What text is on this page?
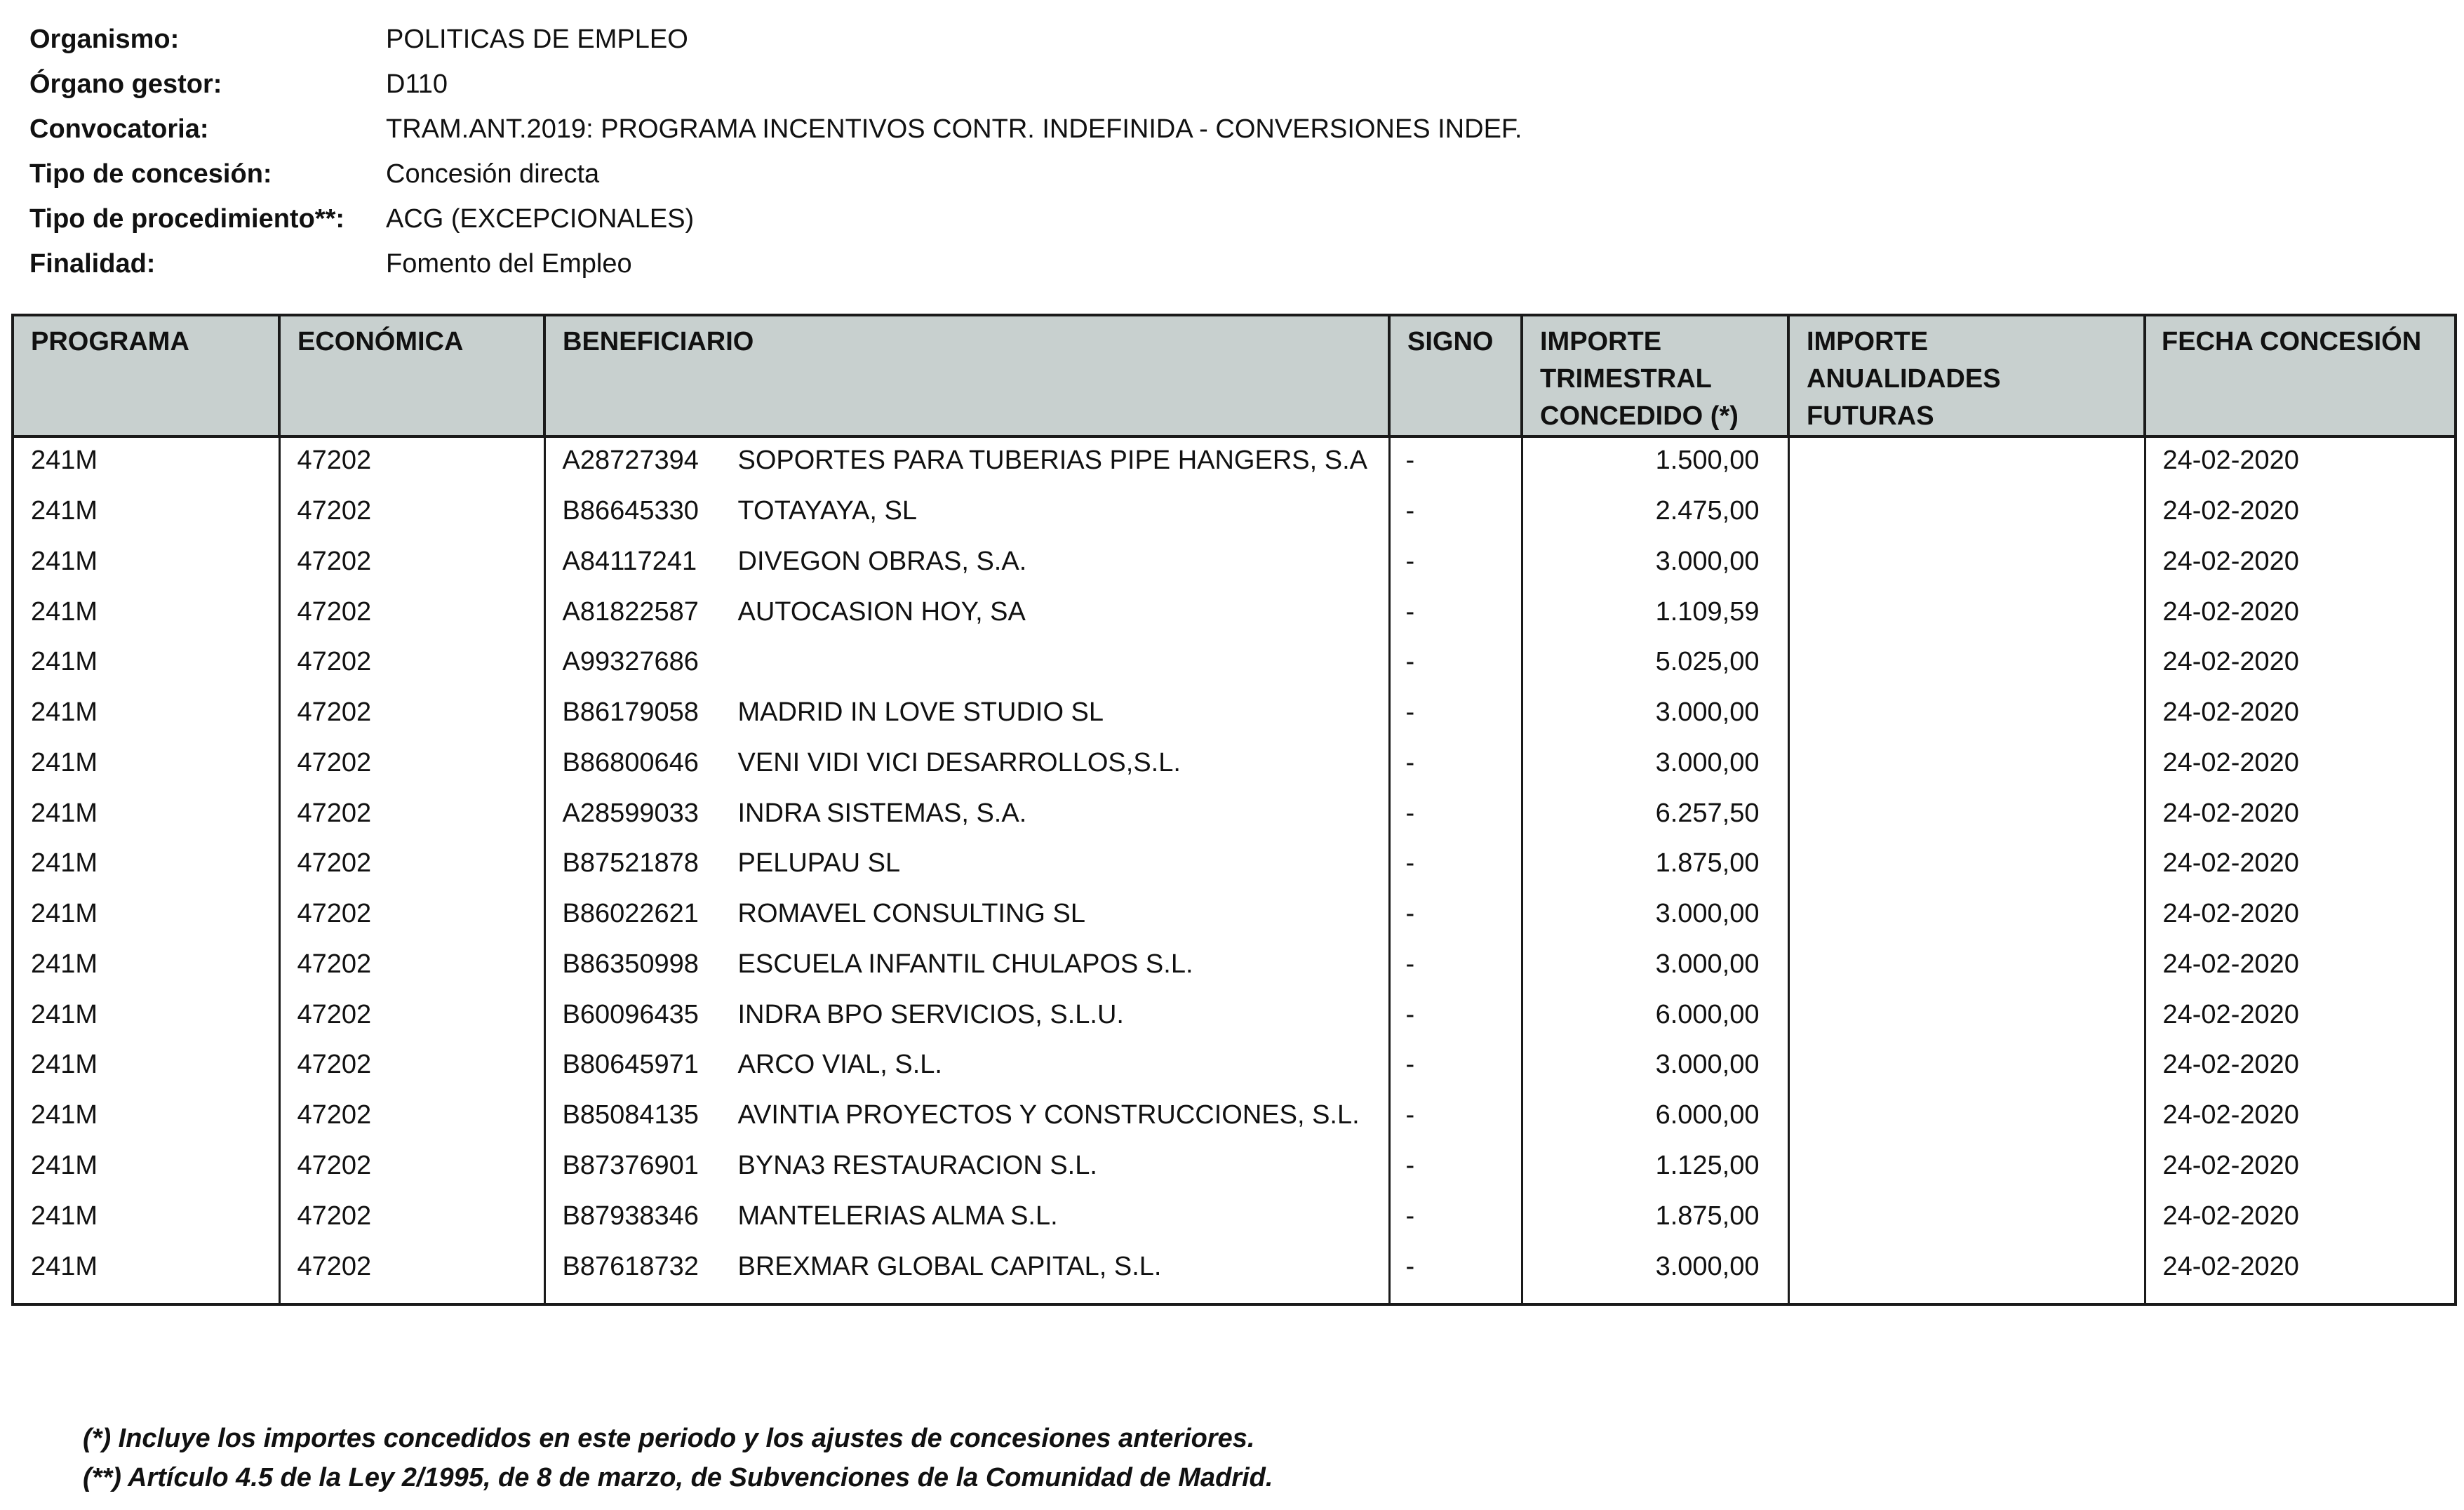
Organismo:	POLITICAS DE EMPLEO
Órgano gestor:	D110
Convocatoria:	TRAM.ANT.2019: PROGRAMA INCENTIVOS CONTR. INDEFINIDA - CONVERSIONES INDEF.
Tipo de concesión:	Concesión directa
Tipo de procedimiento**:	ACG (EXCEPCIONALES)
Finalidad:	Fomento del Empleo
PROGRAMA	ECONÓMICA	BENEFICIARIO	SIGNO	IMPORTE TRIMESTRAL CONCEDIDO (*)	IMPORTE ANUALIDADES FUTURAS	FECHA CONCESIÓN
241M	47202	A28727394 SOPORTES PARA TUBERIAS PIPE HANGERS, S.A	-	1.500,00		24-02-2020
241M	47202	B86645330 TOTAYAYA, SL	-	2.475,00		24-02-2020
241M	47202	A84117241 DIVEGON OBRAS, S.A.	-	3.000,00		24-02-2020
241M	47202	A81822587 AUTOCASION HOY, SA	-	1.109,59		24-02-2020
241M	47202	A99327686	-	5.025,00		24-02-2020
241M	47202	B86179058 MADRID IN LOVE STUDIO SL	-	3.000,00		24-02-2020
241M	47202	B86800646 VENI VIDI VICI DESARROLLOS,S.L.	-	3.000,00		24-02-2020
241M	47202	A28599033 INDRA SISTEMAS, S.A.	-	6.257,50		24-02-2020
241M	47202	B87521878 PELUPAU SL	-	1.875,00		24-02-2020
241M	47202	B86022621 ROMAVEL CONSULTING SL	-	3.000,00		24-02-2020
241M	47202	B86350998 ESCUELA INFANTIL CHULAPOS S.L.	-	3.000,00		24-02-2020
241M	47202	B60096435 INDRA BPO SERVICIOS, S.L.U.	-	6.000,00		24-02-2020
241M	47202	B80645971 ARCO VIAL, S.L.	-	3.000,00		24-02-2020
241M	47202	B85084135 AVINTIA PROYECTOS Y CONSTRUCCIONES, S.L.	-	6.000,00		24-02-2020
241M	47202	B87376901 BYNA3 RESTAURACION S.L.	-	1.125,00		24-02-2020
241M	47202	B87938346 MANTELERIAS ALMA S.L.	-	1.875,00		24-02-2020
241M	47202	B87618732 BREXMAR GLOBAL CAPITAL, S.L.	-	3.000,00		24-02-2020

(*) Incluye los importes concedidos en este periodo y los ajustes de concesiones anteriores.
(**) Artículo 4.5 de la Ley 2/1995, de 8 de marzo, de Subvenciones de la Comunidad de Madrid.
